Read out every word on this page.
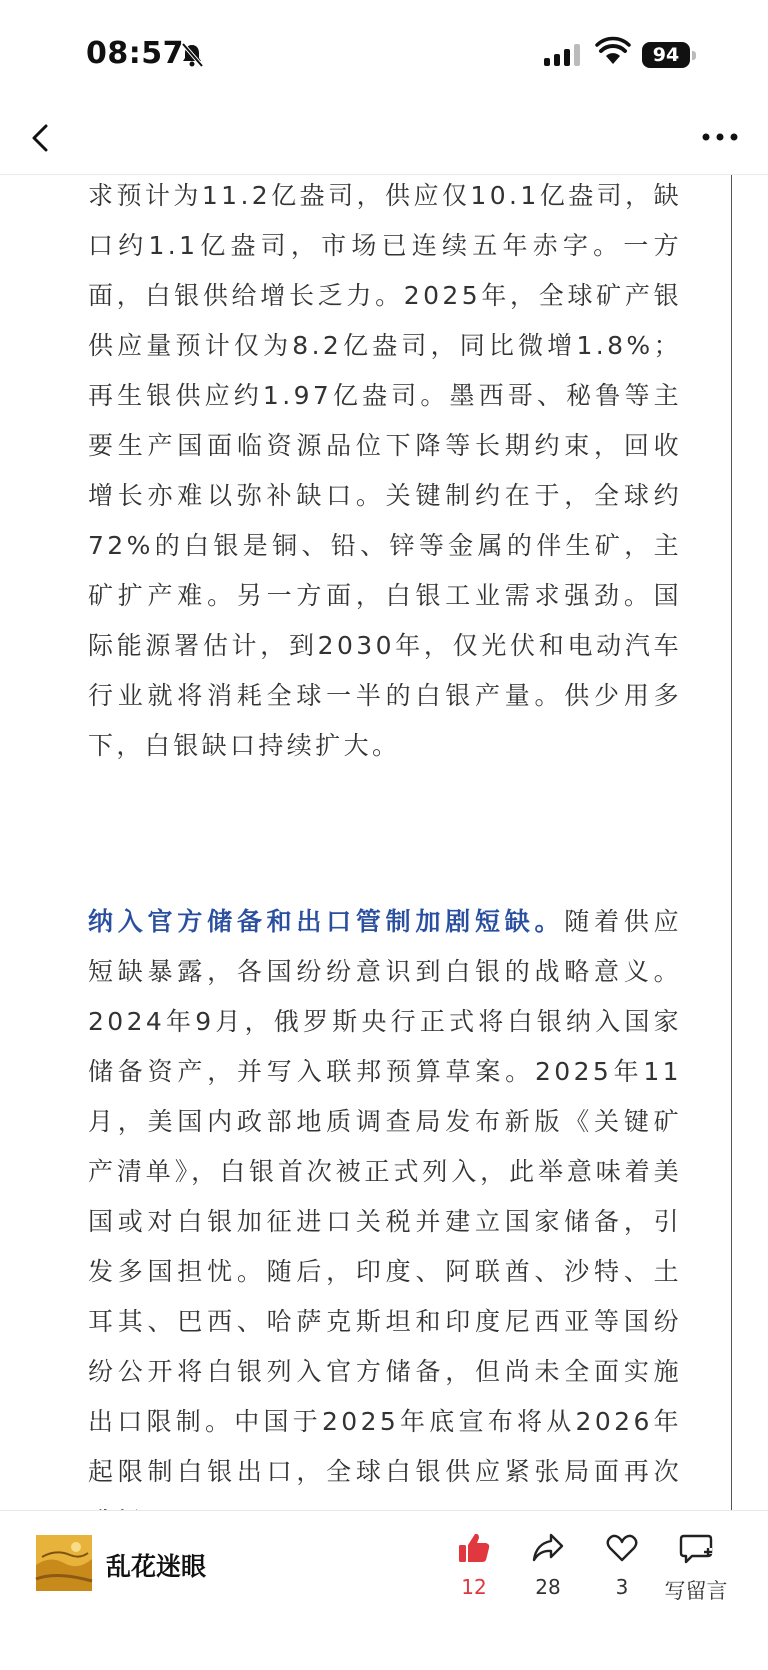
08:57	94

求预计为11.2亿盎司，供应仅10.1亿盎司，缺口约1.1亿盎司，市场已连续五年赤字。一方面，白银供给增长乏力。2025年，全球矿产银供应量预计仅为8.2亿盎司，同比微增1.8%；再生银供应约1.97亿盎司。墨西哥、秘鲁等主要生产国面临资源品位下降等长期约束，回收增长亦难以弥补缺口。关键制约在于，全球约72%的白银是铜、铅、锌等金属的伴生矿，主矿扩产难。另一方面，白银工业需求强劲。国际能源署估计，到2030年，仅光伏和电动汽车行业就将消耗全球一半的白银产量。供少用多下，白银缺口持续扩大。

纳入官方储备和出口管制加剧短缺。随着供应短缺暴露，各国纷纷意识到白银的战略意义。2024年9月，俄罗斯央行正式将白银纳入国家储备资产，并写入联邦预算草案。2025年11月，美国内政部地质调查局发布新版《关键矿产清单》，白银首次被正式列入，此举意味着美国或对白银加征进口关税并建立国家储备，引发多国担忧。随后，印度、阿联酋、沙特、土耳其、巴西、哈萨克斯坦和印度尼西亚等国纷纷公开将白银列入官方储备，但尚未全面实施出口限制。中国于2025年底宣布将从2026年起限制白银出口，全球白银供应紧张局面再次

乱花迷眼
12	28	3	写留言
